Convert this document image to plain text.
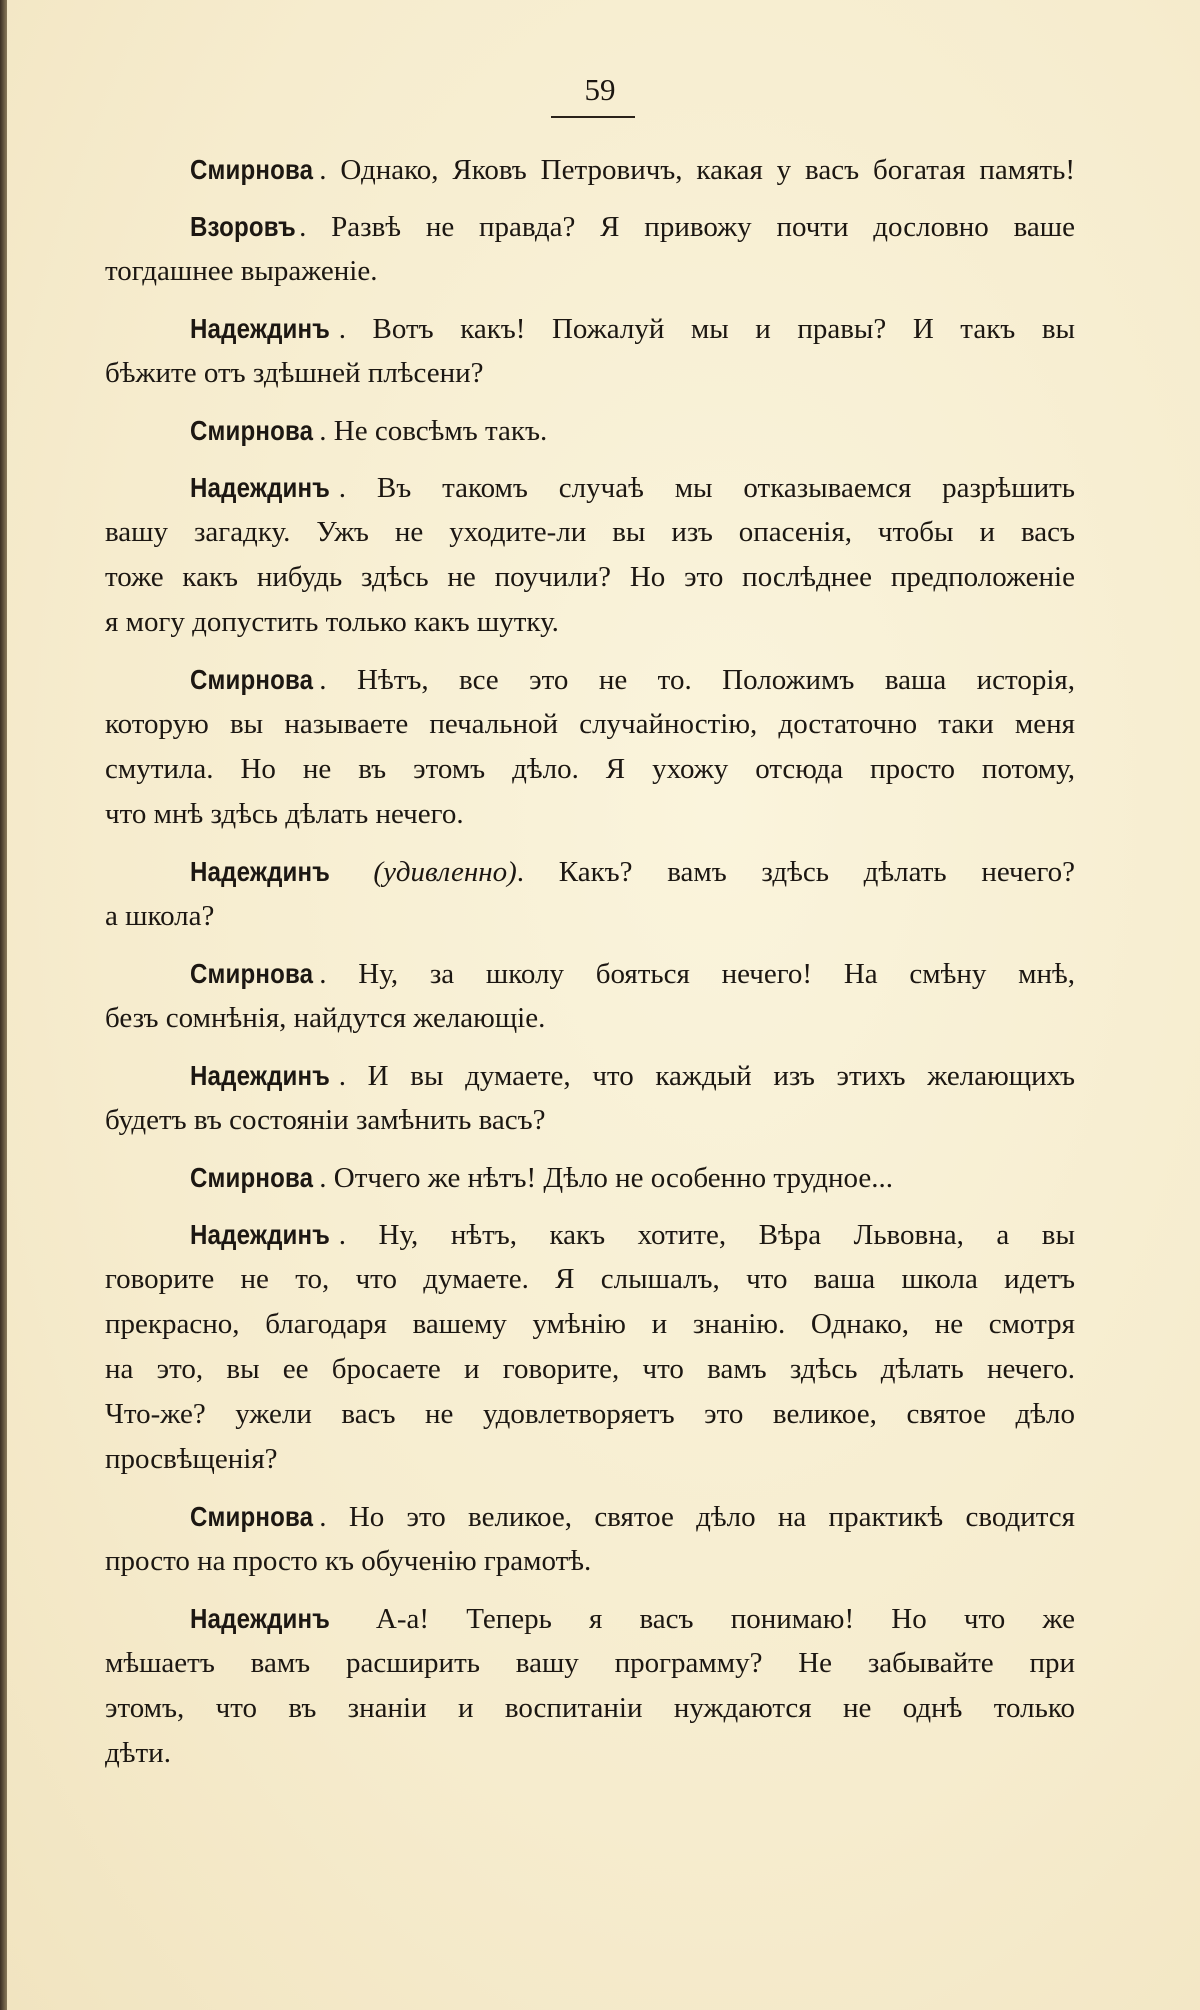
59
Смирнова . Однако, Яковъ Петровичъ, какая у васъ богатая память!
Взоровъ . Развѣ не правда? Я привожу почти дословно ваше
тогдашнее выраженіе.
Надеждинъ . Вотъ какъ! Пожалуй мы и правы? И такъ вы
бѣжите отъ здѣшней плѣсени?
Смирнова . Не совсѣмъ такъ.
Надеждинъ . Въ такомъ случаѣ мы отказываемся разрѣшить
вашу загадку. Ужъ не уходите-ли вы изъ опасенія, чтобы и васъ
тоже какъ нибудь здѣсь не поучили? Но это послѣднее предположеніе
я могу допустить только какъ шутку.
Смирнова . Нѣтъ, все это не то. Положимъ ваша исторія,
которую вы называете печальной случайностію, достаточно таки меня
смутила. Но не въ этомъ дѣло. Я ухожу отсюда просто потому,
что мнѣ здѣсь дѣлать нечего.
Надеждинъ (удивленно). Какъ? вамъ здѣсь дѣлать нечего?
а школа?
Смирнова . Ну, за школу бояться нечего! На смѣну мнѣ,
безъ сомнѣнія, найдутся желающіе.
Надеждинъ . И вы думаете, что каждый изъ этихъ желающихъ
будетъ въ состояніи замѣнить васъ?
Смирнова . Отчего же нѣтъ! Дѣло не особенно трудное...
Надеждинъ . Ну, нѣтъ, какъ хотите, Вѣра Львовна, а вы
говорите не то, что думаете. Я слышалъ, что ваша школа идетъ
прекрасно, благодаря вашему умѣнію и знанію. Однако, не смотря
на это, вы ее бросаете и говорите, что вамъ здѣсь дѣлать нечего.
Что-же? ужели васъ не удовлетворяетъ это великое, святое дѣло
просвѣщенія?
Смирнова . Но это великое, святое дѣло на практикѣ сводится
просто на просто къ обученію грамотѣ.
Надеждинъ А-а! Теперь я васъ понимаю! Но что же
мѣшаетъ вамъ расширить вашу программу? Не забывайте при
этомъ, что въ знаніи и воспитаніи нуждаются не однѣ только
дѣти.
